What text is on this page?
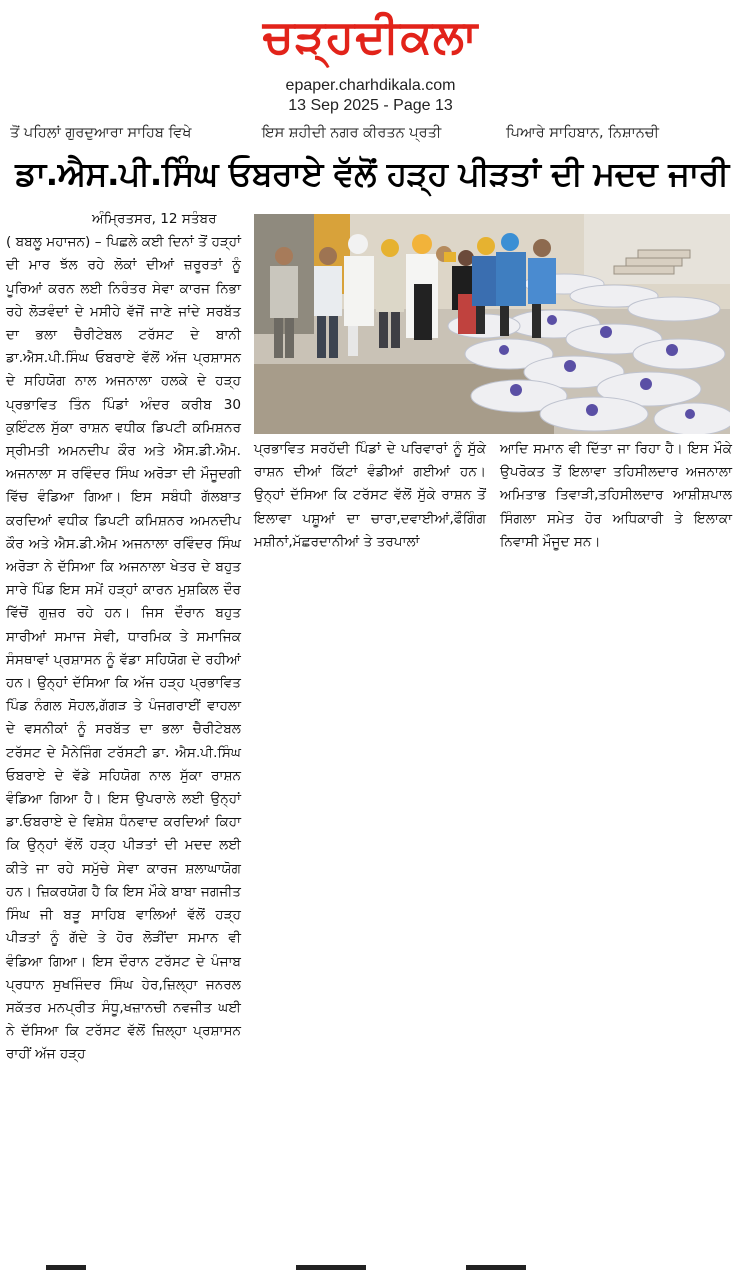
ਚੜ੍ਹਦੀਕਲਾ
epaper.charhdikala.com
13 Sep 2025 - Page 13
ਤੋਂ ਪਹਿਲਾਂ ਗੁਰਦੁਆਰਾ ਸਾਹਿਬ ਵਿਖੇ	ਇਸ ਸ਼ਹੀਦੀ ਨਗਰ ਕੀਰਤਨ ਪ੍ਰਤੀ	ਪਿਆਰੇ ਸਾਹਿਬਾਨ, ਨਿਸ਼ਾਨਚੀ
ਡਾ.ਐਸ.ਪੀ.ਸਿੰਘ ਓਬਰਾਏ ਵੱਲੋਂ ਹੜ੍ਹ ਪੀੜਤਾਂ ਦੀ ਮਦਦ ਜਾਰੀ
ਅੰਮ੍ਰਿਤਸਰ, 12 ਸਤੰਬਰ

( ਬਬਲੂ ਮਹਾਜਨ) – ਪਿਛਲੇ ਕਈ ਦਿਨਾਂ ਤੋਂ ਹੜ੍ਹਾਂ ਦੀ ਮਾਰ ਝੱਲ ਰਹੇ ਲੋਕਾਂ ਦੀਆਂ ਜ਼ਰੂਰਤਾਂ ਨੂੰ ਪੂਰਿਆਂ ਕਰਨ ਲਈ ਨਿਰੰਤਰ ਸੇਵਾ ਕਾਰਜ ਨਿਭਾ ਰਹੇ ਲੋੜਵੰਦਾਂ ਦੇ ਮਸੀਹੇ ਵੱਜੋਂ ਜਾਣੇ ਜਾਂਦੇ ਸਰਬੱਤ ਦਾ ਭਲਾ ਚੈਰੀਟੇਬਲ ਟਰੱਸਟ ਦੇ ਬਾਨੀ ਡਾ.ਐਸ.ਪੀ.ਸਿੰਘ ਓਬਰਾਏ ਵੱਲੋਂ ਅੱਜ ਪ੍ਰਸ਼ਾਸਨ ਦੇ ਸਹਿਯੋਗ ਨਾਲ ਅਜਨਾਲਾ ਹਲਕੇ ਦੇ ਹੜ੍ਹ ਪ੍ਰਭਾਵਿਤ ਤਿੰਨ ਪਿੰਡਾਂ ਅੰਦਰ ਕਰੀਬ 30 ਕੁਇੰਟਲ ਸੁੱਕਾ ਰਾਸ਼ਨ ਵਧੀਕ ਡਿਪਟੀ ਕਮਿਸ਼ਨਰ ਸ੍ਰੀਮਤੀ ਅਮਨਦੀਪ ਕੌਰ ਅਤੇ ਐਸ.ਡੀ.ਐਮ. ਅਜਨਾਲਾ ਸ ਰਵਿੰਦਰ ਸਿੰਘ ਅਰੋੜਾ ਦੀ ਮੌਜੂਦਗੀ ਵਿੱਚ ਵੰਡਿਆ ਗਿਆ। ਇਸ ਸਬੰਧੀ ਗੱਲਬਾਤ ਕਰਦਿਆਂ ਵਧੀਕ ਡਿਪਟੀ ਕਮਿਸ਼ਨਰ ਅਮਨਦੀਪ ਕੌਰ ਅਤੇ ਐਸ.ਡੀ.ਐਮ ਅਜਨਾਲਾ ਰਵਿੰਦਰ ਸਿੰਘ ਅਰੋੜਾ ਨੇ ਦੱਸਿਆ ਕਿ ਅਜਨਾਲਾ ਖੇਤਰ ਦੇ ਬਹੁਤ ਸਾਰੇ ਪਿੰਡ ਇਸ ਸਮੇਂ ਹੜ੍ਹਾਂ ਕਾਰਨ ਮੁਸ਼ਕਿਲ ਦੌਰ ਵਿੱਚੋਂ ਗੁਜ਼ਰ ਰਹੇ ਹਨ। ਜਿਸ ਦੌਰਾਨ ਬਹੁਤ ਸਾਰੀਆਂ ਸਮਾਜ ਸੇਵੀ, ਧਾਰਮਿਕ ਤੇ ਸਮਾਜਿਕ ਸੰਸਥਾਵਾਂ ਪ੍ਰਸ਼ਾਸਨ ਨੂੰ ਵੱਡਾ ਸਹਿਯੋਗ ਦੇ ਰਹੀਆਂ ਹਨ। ਉਨ੍ਹਾਂ ਦੱਸਿਆ ਕਿ ਅੱਜ ਹੜ੍ਹ ਪ੍ਰਭਾਵਿਤ ਪਿੰਡ ਨੰਗਲ ਸੋਹਲ,ਗੱਗੜ ਤੇ ਪੰਜਗਰਾਈਂ ਵਾਹਲਾ ਦੇ ਵਸਨੀਕਾਂ ਨੂੰ ਸਰਬੱਤ ਦਾ ਭਲਾ ਚੈਰੀਟੇਬਲ ਟਰੱਸਟ ਦੇ ਮੈਨੇਜਿੰਗ ਟਰੱਸਟੀ ਡਾ. ਐਸ.ਪੀ.ਸਿੰਘ ਓਬਰਾਏ ਦੇ ਵੱਡੇ ਸਹਿਯੋਗ ਨਾਲ ਸੁੱਕਾ ਰਾਸ਼ਨ ਵੰਡਿਆ ਗਿਆ ਹੈ। ਇਸ ਉਪਰਾਲੇ ਲਈ ਉਨ੍ਹਾਂ ਡਾ.ਓਬਰਾਏ ਦੇ ਵਿਸ਼ੇਸ਼ ਧੰਨਵਾਦ ਕਰਦਿਆਂ ਕਿਹਾ ਕਿ ਉਨ੍ਹਾਂ ਵੱਲੋਂ ਹੜ੍ਹ ਪੀੜਤਾਂ ਦੀ ਮਦਦ ਲਈ ਕੀਤੇ ਜਾ ਰਹੇ ਸਮੁੱਚੇ ਸੇਵਾ ਕਾਰਜ ਸ਼ਲਾਘਾਯੋਗ ਹਨ। ਜ਼ਿਕਰਯੋਗ ਹੈ ਕਿ ਇਸ ਮੌਕੇ ਬਾਬਾ ਜਗਜੀਤ ਸਿੰਘ ਜੀ ਬੜੂ ਸਾਹਿਬ ਵਾਲਿਆਂ ਵੱਲੋਂ ਹੜ੍ਹ ਪੀੜਤਾਂ ਨੂੰ ਗੱਦੇ ਤੇ ਹੋਰ ਲੋੜੀਂਦਾ ਸਮਾਨ ਵੀ ਵੰਡਿਆ ਗਿਆ। ਇਸ ਦੌਰਾਨ ਟਰੱਸਟ ਦੇ ਪੰਜਾਬ ਪ੍ਰਧਾਨ ਸੁਖਜਿੰਦਰ ਸਿੰਘ ਹੇਰ,ਜ਼ਿਲ੍ਹਾ ਜਨਰਲ ਸਕੱਤਰ ਮਨਪ੍ਰੀਤ ਸੰਧੂ,ਖਜ਼ਾਨਚੀ ਨਵਜੀਤ ਘਈ ਨੇ ਦੱਸਿਆ ਕਿ ਟਰੱਸਟ ਵੱਲੋਂ ਜ਼ਿਲ੍ਹਾ ਪ੍ਰਸ਼ਾਸਨ ਰਾਹੀਂ ਅੱਜ ਹੜ੍ਹ

ਪ੍ਰਭਾਵਿਤ ਸਰਹੱਦੀ ਪਿੰਡਾਂ ਦੇ ਪਰਿਵਾਰਾਂ ਨੂੰ ਸੁੱਕੇ ਰਾਸ਼ਨ ਦੀਆਂ ਕਿੱਟਾਂ ਵੰਡੀਆਂ ਗਈਆਂ ਹਨ। ਉਨ੍ਹਾਂ ਦੱਸਿਆ ਕਿ ਟਰੱਸਟ ਵੱਲੋਂ ਸੁੱਕੇ ਰਾਸ਼ਨ ਤੋਂ ਇਲਾਵਾ ਪਸ਼ੂਆਂ ਦਾ ਚਾਰਾ,ਦਵਾਈਆਂ,ਫੌਗਿੰਗ ਮਸ਼ੀਨਾਂ,ਮੱਛਰਦਾਨੀਆਂ ਤੇ ਤਰਪਾਲਾਂ

ਆਦਿ ਸਮਾਨ ਵੀ ਦਿੱਤਾ ਜਾ ਰਿਹਾ ਹੈ। ਇਸ ਮੌਕੇ ਉਪਰੋਕਤ ਤੋਂ ਇਲਾਵਾ ਤਹਿਸੀਲਦਾਰ ਅਜਨਾਲਾ ਅਮਿਤਾਭ ਤਿਵਾੜੀ,ਤਹਿਸੀਲਦਾਰ ਆਸ਼ੀਸ਼ਪਾਲ ਸਿੰਗਲਾ ਸਮੇਤ ਹੋਰ ਅਧਿਕਾਰੀ ਤੇ ਇਲਾਕਾ ਨਿਵਾਸੀ ਮੌਜੂਦ ਸਨ।
